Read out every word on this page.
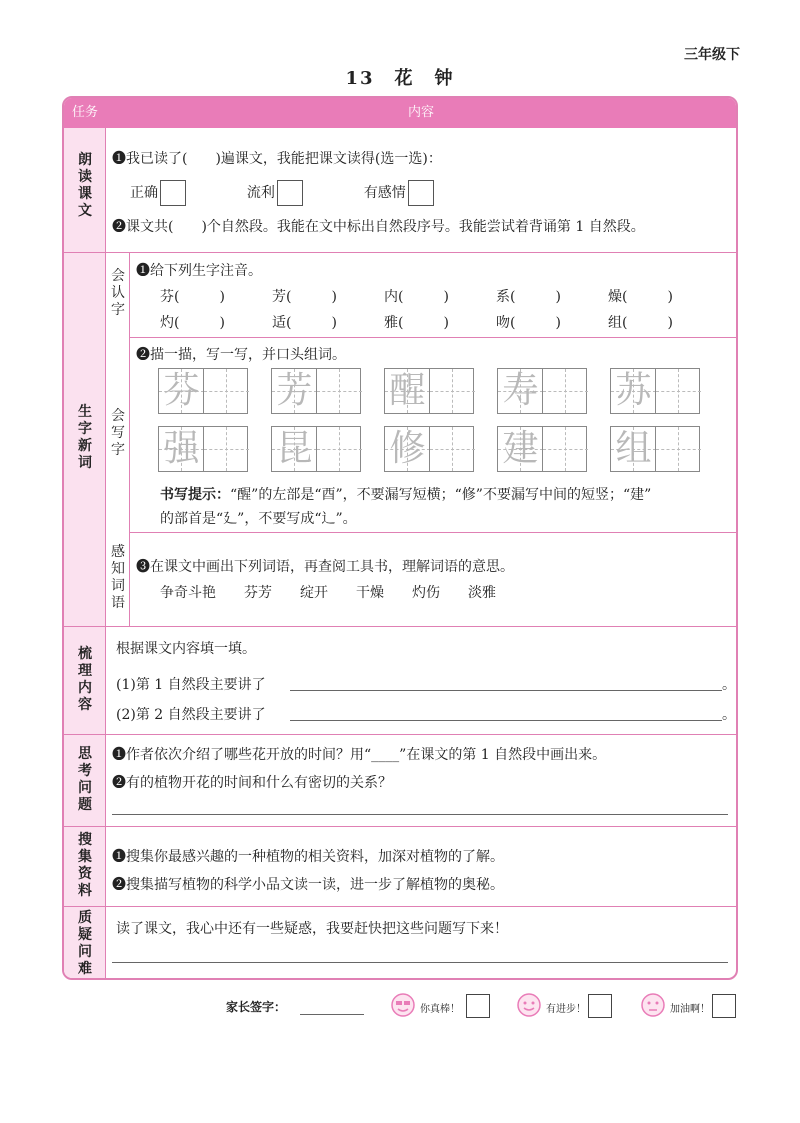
三年级下
13　花　钟
任务	内容
朗
读
课
文
❶我已读了(　　)遍课文，我能把课文读得(选一选)：
正确	流利	有感情
❷课文共(　　)个自然段。我能在文中标出自然段序号。我能尝试着背诵第 1 自然段。
生
字
新
词
会
认
字
❶给下列生字注音。
芬(	)	芳(	)	内(	)	系(	)	燥(	)
灼(	)	适(	)	雅(	)	吻(	)	组(	)
会
写
字
❷描一描，写一写，并口头组词。
芬 芳 醒 寿 苏
强 昆 修 建 组
书写提示：“醒”的左部是“酉”，不要漏写短横；“修”不要漏写中间的短竖；“建”
的部首是“廴”，不要写成“辶”。
感
知
词
语
❸在课文中画出下列词语，再查阅工具书，理解词语的意思。
争奇斗艳　　 芬芳　　 绽开　　 干燥　　 灼伤　　 淡雅
梳
理
内
容
根据课文内容填一填。
(1)第 1 自然段主要讲了	。
(2)第 2 自然段主要讲了	。
思
考
问
题
❶作者依次介绍了哪些花开放的时间？用“____”在课文的第 1 自然段中画出来。
❷有的植物开花的时间和什么有密切的关系？
搜
集
资
料
❶搜集你最感兴趣的一种植物的相关资料，加深对植物的了解。
❷搜集描写植物的科学小品文读一读，进一步了解植物的奥秘。
质
疑
问
难
读了课文，我心中还有一些疑惑，我要赶快把这些问题写下来！
家长签字：	你真棒！	有进步！	加油啊！
